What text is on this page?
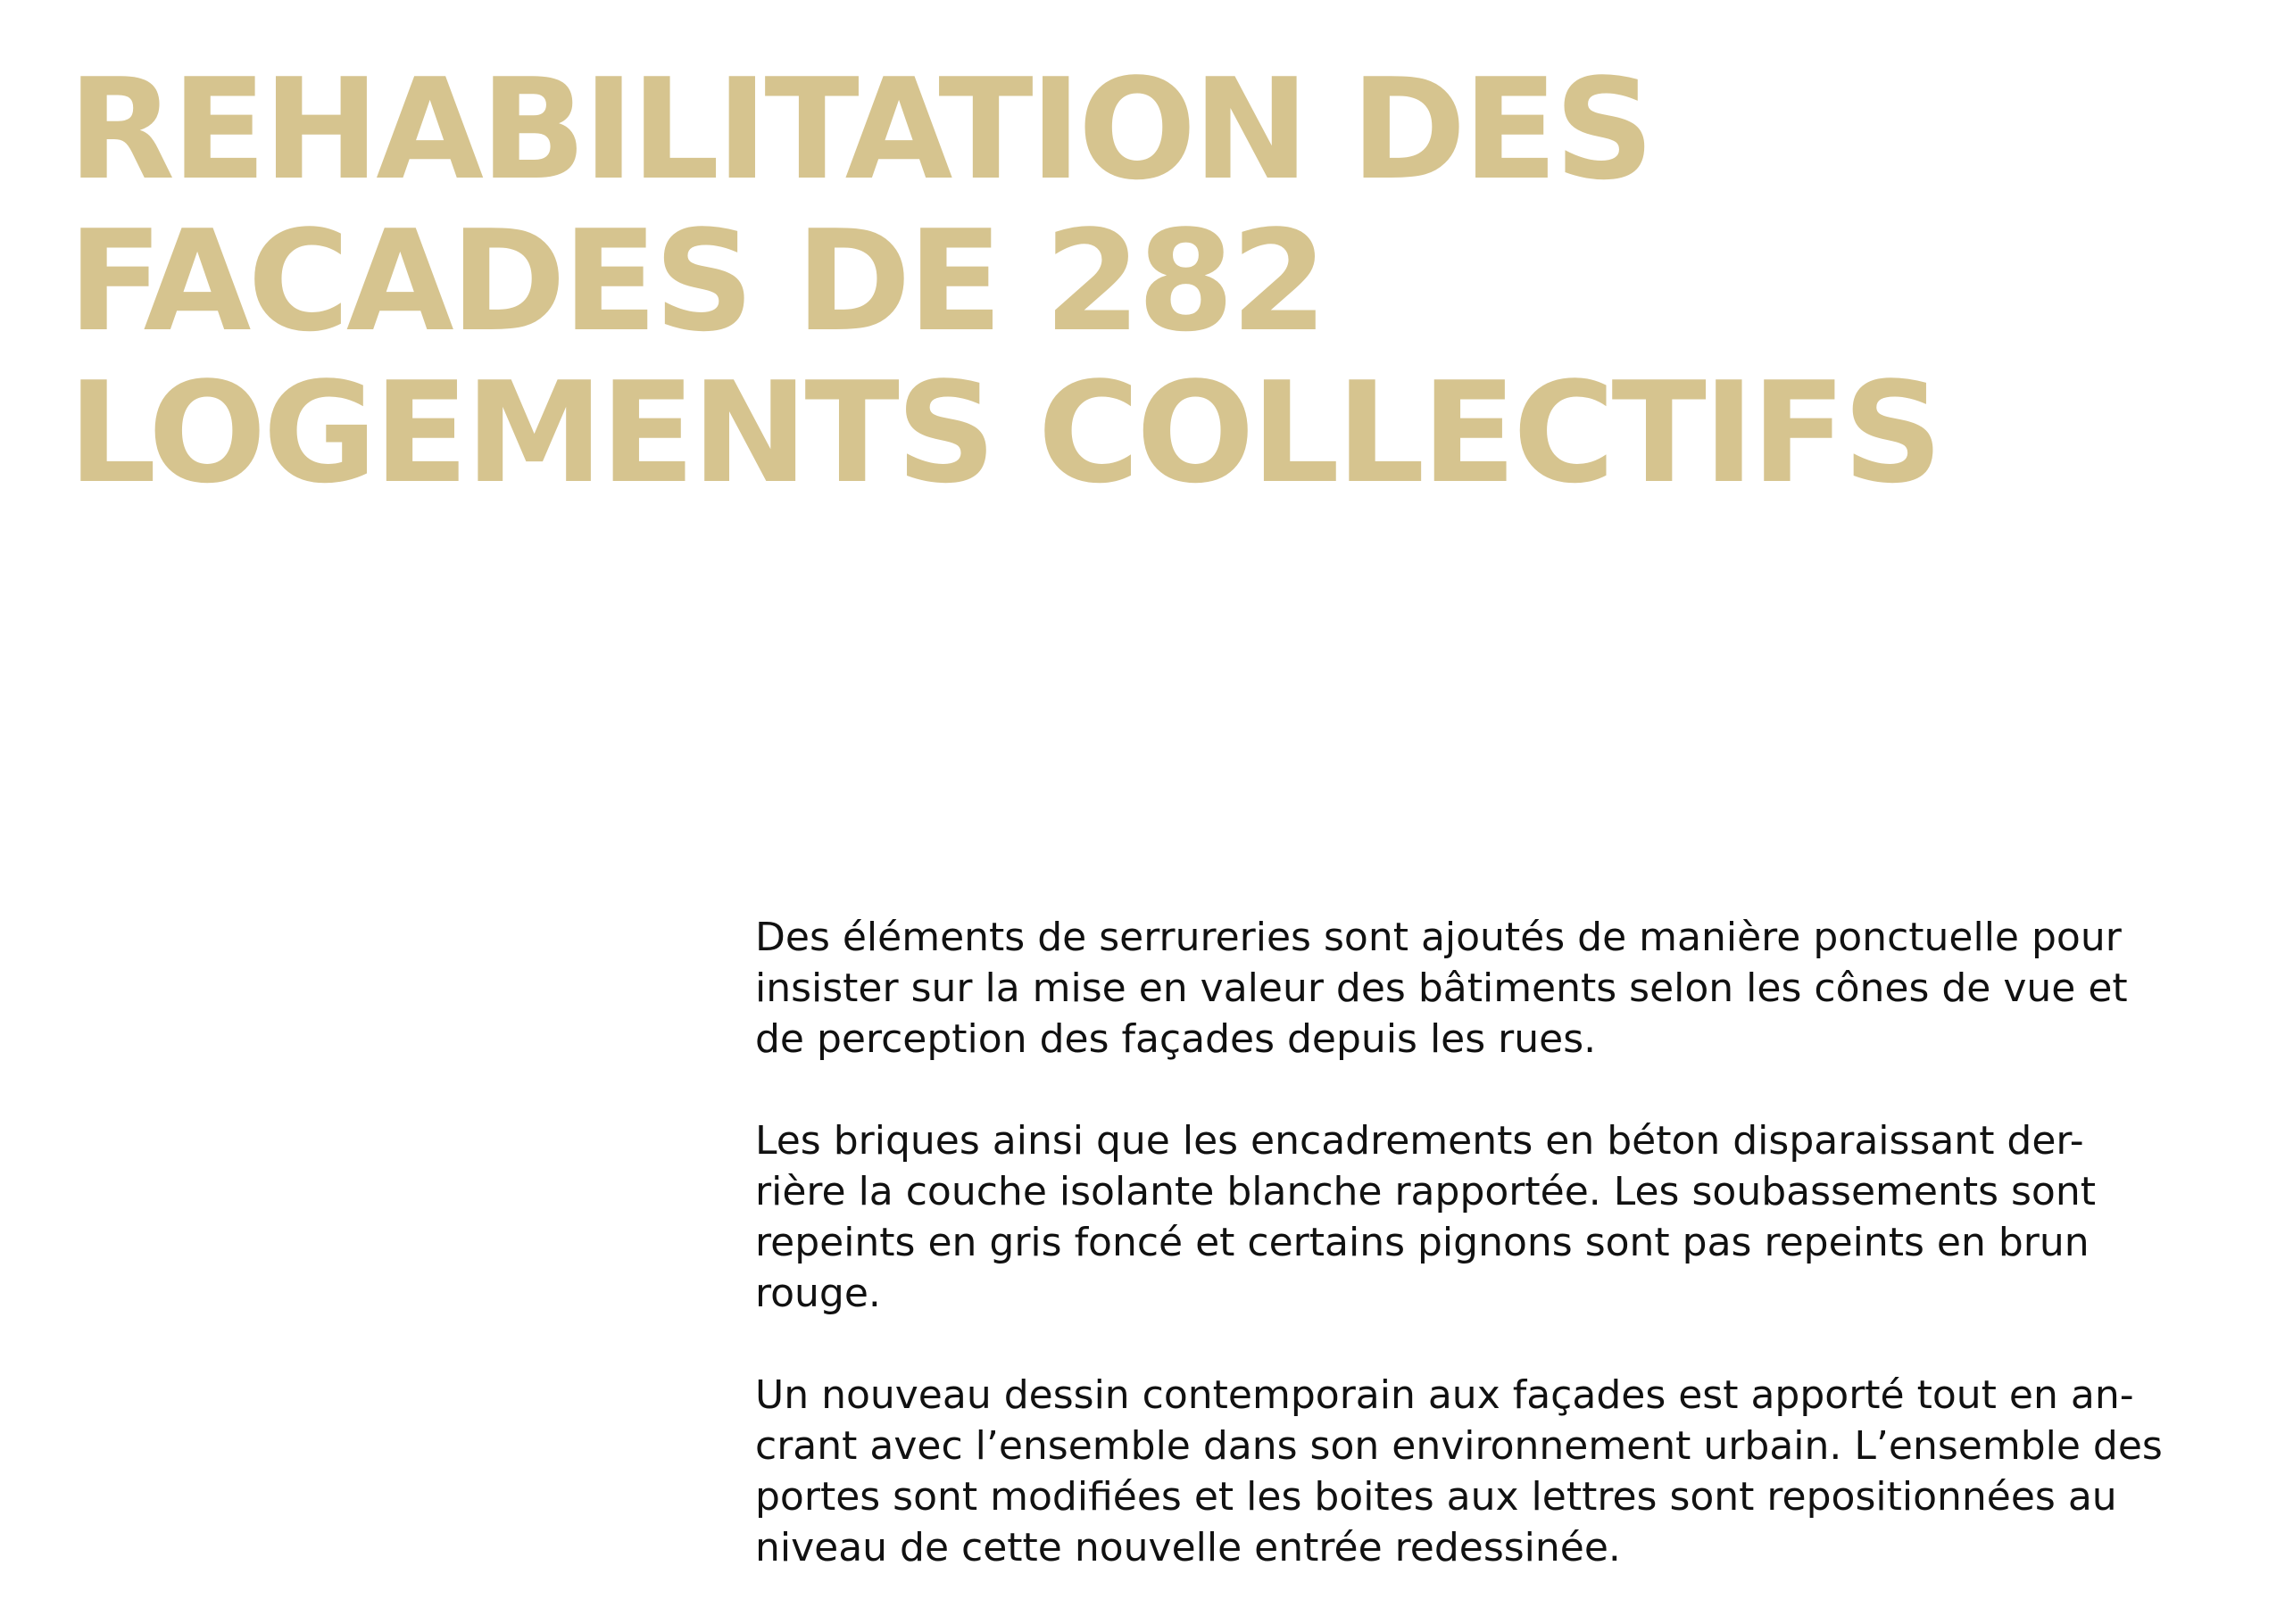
REHABILITATION DES
FACADES DE 282
LOGEMENTS COLLECTIFS

Des éléments de serrureries sont ajoutés de manière ponctuelle pour
insister sur la mise en valeur des bâtiments selon les cônes de vue et
de perception des façades depuis les rues.

Les briques ainsi que les encadrements en béton disparaissant der-
rière la couche isolante blanche rapportée. Les soubassements sont
repeints en gris foncé et certains pignons sont pas repeints en brun
rouge.

Un nouveau dessin contemporain aux façades est apporté tout en an-
crant avec l’ensemble dans son environnement urbain. L’ensemble des
portes sont modifiées et les boites aux lettres sont repositionnées au
niveau de cette nouvelle entrée redessinée.
